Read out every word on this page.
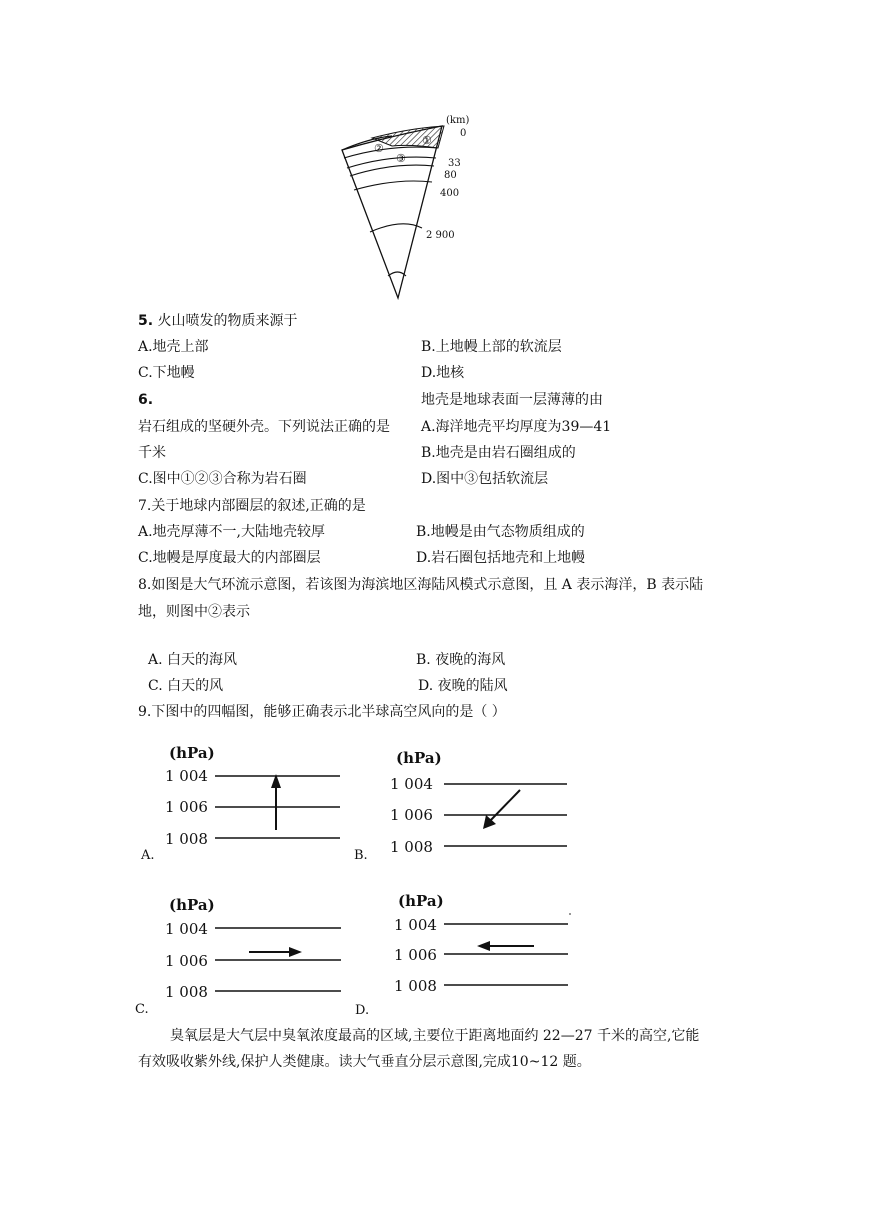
①
②
③
(km)
0
33
80
400
2 900
5. 火山喷发的物质来源于
A.地壳上部	B.上地幔上部的软流层
C.下地幔	D.地核
6.	地壳是地球表面一层薄薄的由
岩石组成的坚硬外壳。下列说法正确的是 A.海洋地壳平均厚度为39—41
千米	B.地壳是由岩石圈组成的
C.图中①②③合称为岩石圈	D.图中③包括软流层
7.关于地球内部圈层的叙述,正确的是
A.地壳厚薄不一,大陆地壳较厚	B.地幔是由气态物质组成的
C.地幔是厚度最大的内部圈层	D.岩石圈包括地壳和上地幔
8.如图是大气环流示意图，若该图为海滨地区海陆风模式示意图，且 A 表示海洋，B 表示陆
地，则图中②表示
A. 白天的海风	B. 夜晚的海风
C. 白天的风	D. 夜晚的陆风
9.下图中的四幅图，能够正确表示北半球高空风向的是（ ）
(hPa)
1 004
1 006
1 008
A.
(hPa)
1 004
1 006
1 008
B.
(hPa)
1 004
1 006
1 008
C.
(hPa)
1 004
1 006
1 008
D.
臭氧层是大气层中臭氧浓度最高的区域,主要位于距离地面约 22—27 千米的高空,它能
有效吸收紫外线,保护人类健康。读大气垂直分层示意图,完成10~12 题。
